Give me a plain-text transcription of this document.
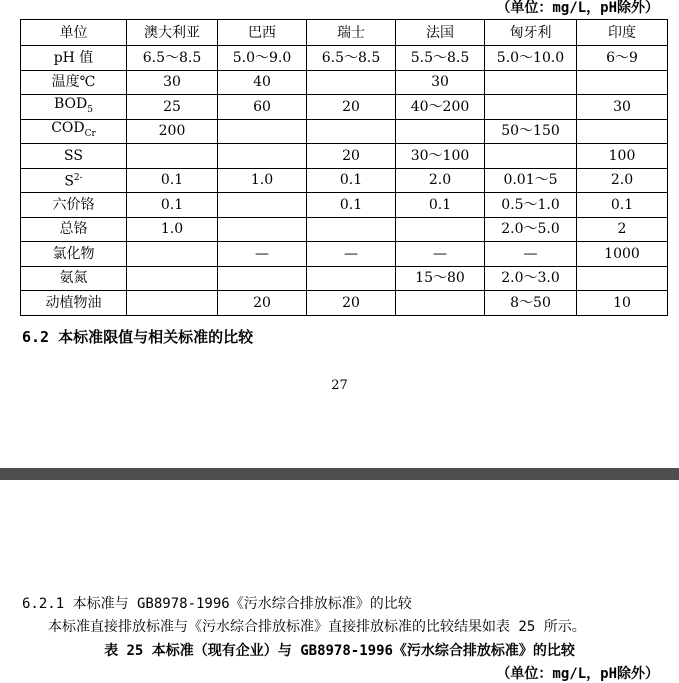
（单位：mg/L，pH除外）
单位	澳大利亚	巴西	瑞士	法国	匈牙利	印度
pH 值	6.5～8.5	5.0～9.0	6.5～8.5	5.5～8.5	5.0～10.0	6～9
温度℃	30	40		30		
$BOD_5$	25	60	20	40～200		30
$COD_{Cr}$	200				50～150	
SS			20	30～100		100
$S^{2-}$	0.1	1.0	0.1	2.0	0.01～5	2.0
六价铬	0.1		0.1	0.1	0.5～1.0	0.1
总铬	1.0				2.0～5.0	2
氯化物		—	—	—	—	1000
氨氮				15～80	2.0～3.0	
动植物油		20	20		8～50	10
6.2 本标准限值与相关标准的比较
27
6.2.1 本标准与 GB8978-1996《污水综合排放标准》的比较
本标准直接排放标准与《污水综合排放标准》直接排放标准的比较结果如表 25 所示。
表 25 本标准（现有企业）与 GB8978-1996《污水综合排放标准》的比较
（单位：mg/L，pH除外）
